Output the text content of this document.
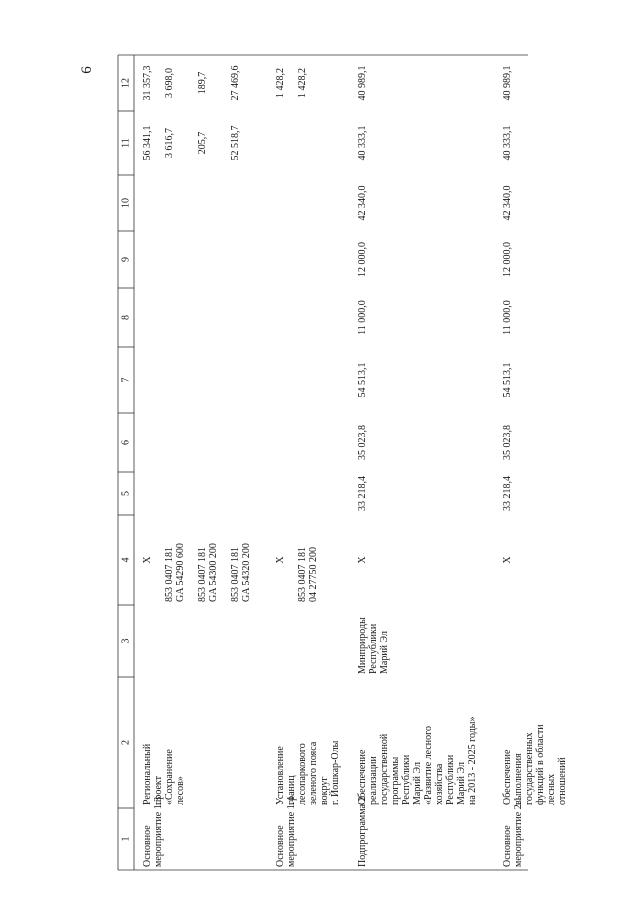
6
1
2
3
4
5
6
7
8
9
10
11
12
Основное мероприятие 1.3
Региональный проект «Сохранение лесов»
Х 853 0407 181 GA 54290 600 853 0407 181 GA 54300 200 853 0407 181 GA 54320 200
56 341,1 3 616,7 205,7 52 518,7
31 357,3 3 698,0 189,7 27 469,6
Основное мероприятие 1.4
Установление границ лесопаркового зеленого пояса вокруг г. Йошкар-Олы
Х 853 0407 181 04 27750 200
1 428,2 1 428,2
Подпрограмма 2
Обеспечение реализации государственной программы Республики Марий Эл «Развитие лесного хозяйства Республики Марий Эл на 2013 - 2025 годы»
Минприроды Республики Марий Эл
Х
33 218,4
35 023,8
54 513,1
11 000,0
12 000,0
42 340,0
40 333,1
40 989,1
Основное мероприятие 2.1
Обеспечение выполнения государственных функций в области лесных отношений
Х
33 218,4
35 023,8
54 513,1
11 000,0
12 000,0
42 340,0
40 333,1
40 989,1
